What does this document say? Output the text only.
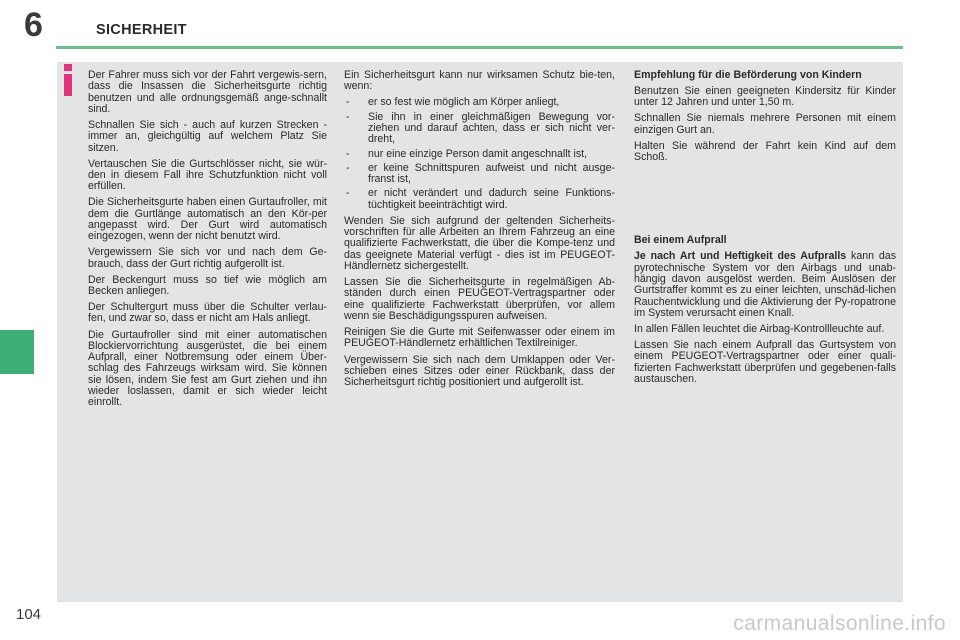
6	SICHERHEIT

Der Fahrer muss sich vor der Fahrt vergewis-sern, dass die Insassen die Sicherheitsgurte richtig benutzen und alle ordnungsgemäß ange-schnallt sind.

Schnallen Sie sich - auch auf kurzen Strecken - immer an, gleichgültig auf welchem Platz Sie sitzen.

Vertauschen Sie die Gurtschlösser nicht, sie wür-den in diesem Fall ihre Schutzfunktion nicht voll erfüllen.

Die Sicherheitsgurte haben einen Gurtaufroller, mit dem die Gurtlänge automatisch an den Kör-per angepasst wird. Der Gurt wird automatisch eingezogen, wenn der nicht benutzt wird.

Vergewissern Sie sich vor und nach dem Ge-brauch, dass der Gurt richtig aufgerollt ist.

Der Beckengurt muss so tief wie möglich am Becken anliegen.

Der Schultergurt muss über die Schulter verlau-fen, und zwar so, dass er nicht am Hals anliegt.

Die Gurtaufroller sind mit einer automatischen Blockiervorrichtung ausgerüstet, die bei einem Aufprall, einer Notbremsung oder einem Über-schlag des Fahrzeugs wirksam wird. Sie können sie lösen, indem Sie fest am Gurt ziehen und ihn wieder loslassen, damit er sich wieder leicht einrollt.

Ein Sicherheitsgurt kann nur wirksamen Schutz bie-ten, wenn:

- er so fest wie möglich am Körper anliegt,
- Sie ihn in einer gleichmäßigen Bewegung vor-ziehen und darauf achten, dass er sich nicht ver-dreht,
- nur eine einzige Person damit angeschnallt ist,
- er keine Schnittspuren aufweist und nicht ausge-franst ist,
- er nicht verändert und dadurch seine Funktions-tüchtigkeit beeinträchtigt wird.

Wenden Sie sich aufgrund der geltenden Sicherheits-vorschriften für alle Arbeiten an Ihrem Fahrzeug an eine qualifizierte Fachwerkstatt, die über die Kompe-tenz und das geeignete Material verfügt - dies ist im PEUGEOT-Händlernetz sichergestellt.

Lassen Sie die Sicherheitsgurte in regelmäßigen Ab-ständen durch einen PEUGEOT-Vertragspartner oder eine qualifizierte Fachwerkstatt überprüfen, vor allem wenn sie Beschädigungsspuren aufweisen.

Reinigen Sie die Gurte mit Seifenwasser oder einem im PEUGEOT-Händlernetz erhältlichen Textilreiniger.

Vergewissern Sie sich nach dem Umklappen oder Ver-schieben eines Sitzes oder einer Rückbank, dass der Sicherheitsgurt richtig positioniert und aufgerollt ist.

Empfehlung für die Beförderung von Kindern

Benutzen Sie einen geeigneten Kindersitz für Kinder unter 12 Jahren und unter 1,50 m.

Schnallen Sie niemals mehrere Personen mit einem einzigen Gurt an.

Halten Sie während der Fahrt kein Kind auf dem Schoß.

Bei einem Aufprall

Je nach Art und Heftigkeit des Aufpralls kann das pyrotechnische System vor den Airbags und unab-hängig davon ausgelöst werden. Beim Auslösen der Gurtstraffer kommt es zu einer leichten, unschäd-lichen Rauchentwicklung und die Aktivierung der Py-ropatrone im System verursacht einen Knall.

In allen Fällen leuchtet die Airbag-Kontrollleuchte auf.

Lassen Sie nach einem Aufprall das Gurtsystem von einem PEUGEOT-Vertragspartner oder einer quali-fizierten Fachwerkstatt überprüfen und gegebenen-falls austauschen.

104	carmanualsonline.info
